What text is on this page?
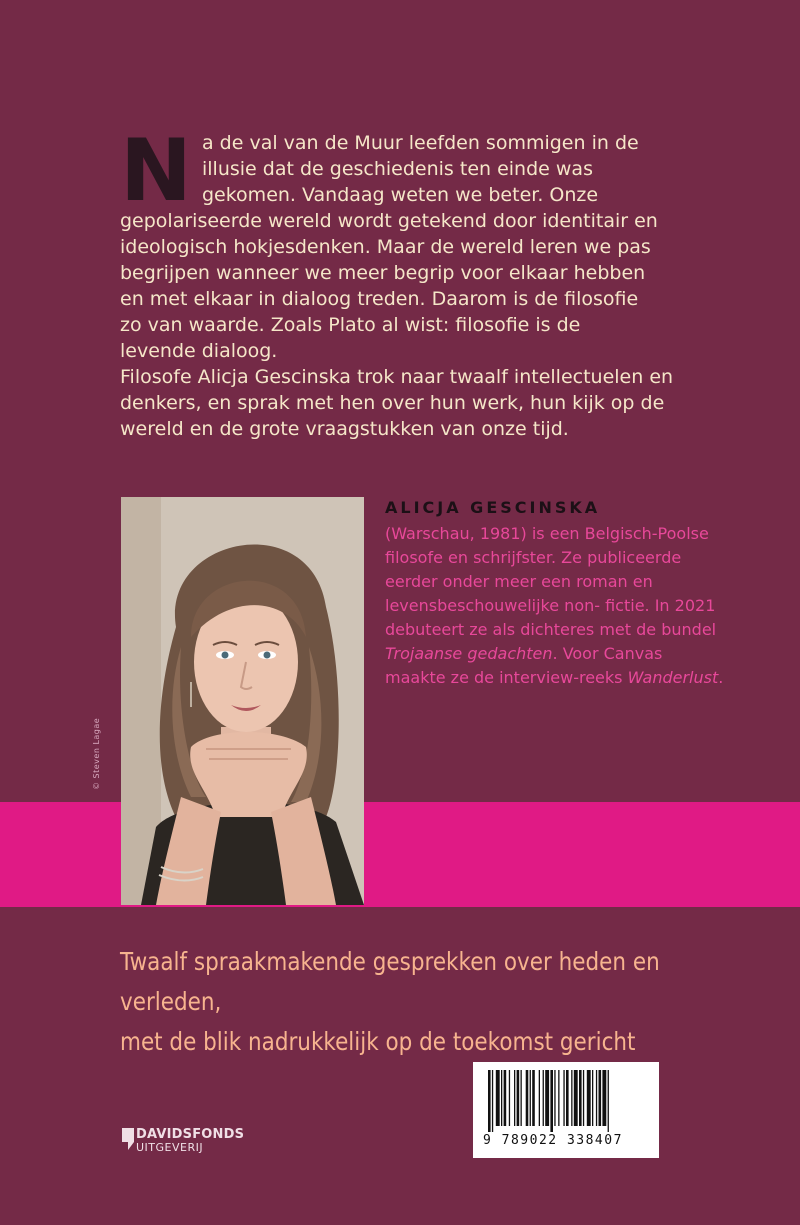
N a de val van de Muur leefden sommigen in de illusie dat de geschiedenis ten einde was gekomen. Vandaag weten we beter. Onze gepolariseerde wereld wordt getekend door identitair en ideologisch hokjesdenken. Maar de wereld leren we pas begrijpen wanneer we meer begrip voor elkaar hebben en met elkaar in dialoog treden. Daarom is de filosofie zo van waarde. Zoals Plato al wist: filosofie is de levende dialoog.

Filosofe Alicja Gescinska trok naar twaalf intellectuelen en denkers, en sprak met hen over hun werk, hun kijk op de wereld en de grote vraagstukken van onze tijd.

© Steven Lagae
ALICJA GESCINSKA
(Warschau, 1981) is een Belgisch-Poolse filosofe en schrijfster. Ze publiceerde eerder onder meer een roman en levensbeschouwelijke non- fictie. In 2021 debuteert ze als dichteres met de bundel Trojaanse gedachten. Voor Canvas maakte ze de interview-reeks Wanderlust.
Twaalf spraakmakende gesprekken over heden en verleden,
met de blik nadrukkelijk op de toekomst gericht
DAVIDSFONDS
UITGEVERIJ	9 789022 338407
